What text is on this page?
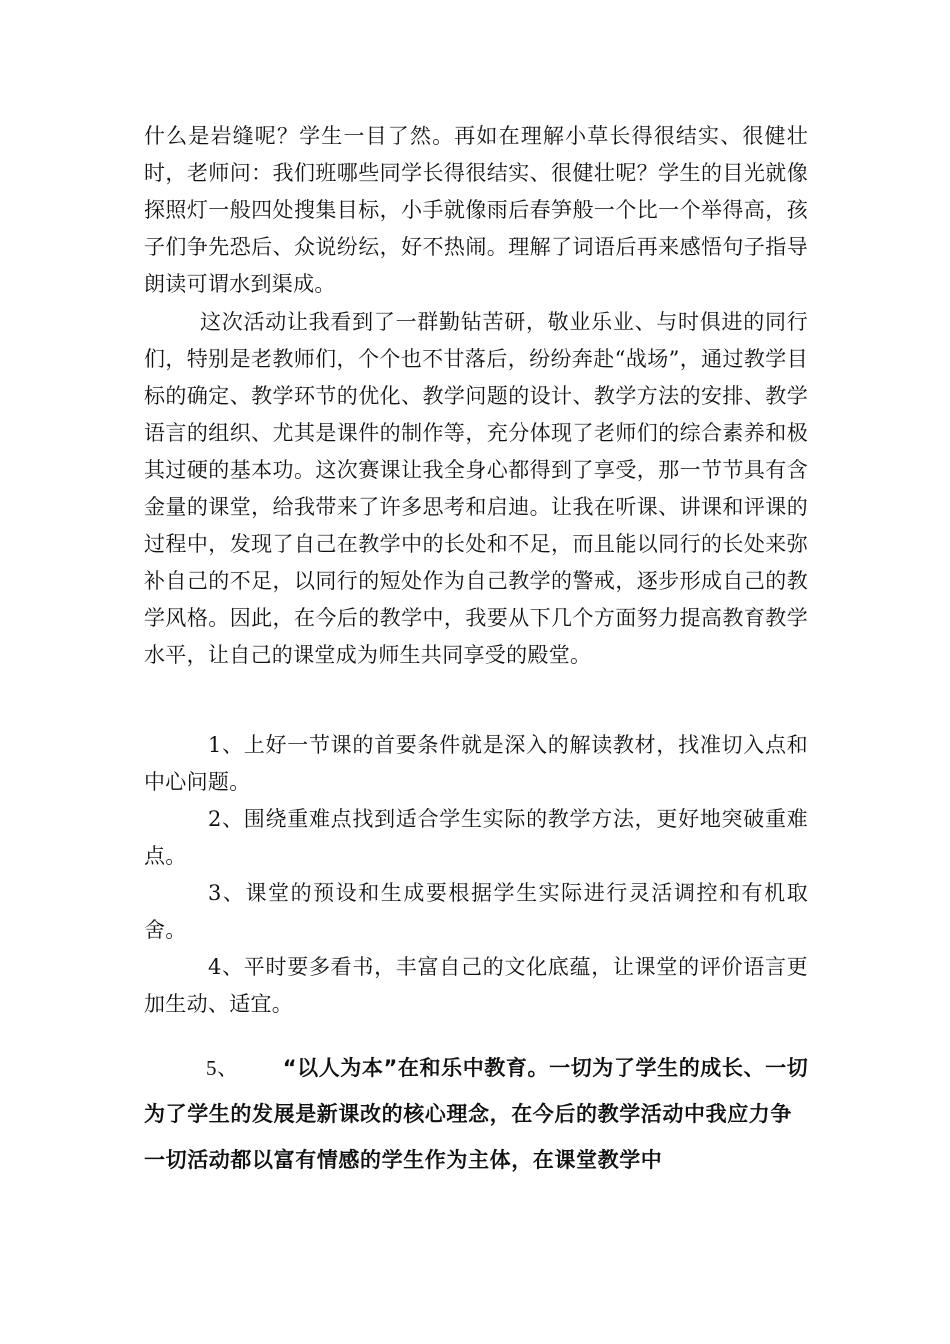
什么是岩缝呢？学生一目了然。再如在理解小草长得很结实、很健壮时，老师问：我们班哪些同学长得很结实、很健壮呢？学生的目光就像探照灯一般四处搜集目标，小手就像雨后春笋般一个比一个举得高，孩子们争先恐后、众说纷纭，好不热闹。理解了词语后再来感悟句子指导朗读可谓水到渠成。

这次活动让我看到了一群勤钻苦研，敬业乐业、与时俱进的同行们，特别是老教师们，个个也不甘落后，纷纷奔赴“战场”，通过教学目标的确定、教学环节的优化、教学问题的设计、教学方法的安排、教学语言的组织、尤其是课件的制作等，充分体现了老师们的综合素养和极其过硬的基本功。这次赛课让我全身心都得到了享受，那一节节具有含金量的课堂，给我带来了许多思考和启迪。让我在听课、讲课和评课的过程中，发现了自己在教学中的长处和不足，而且能以同行的长处来弥补自己的不足，以同行的短处作为自己教学的警戒，逐步形成自己的教学风格。因此，在今后的教学中，我要从下几个方面努力提高教育教学水平，让自己的课堂成为师生共同享受的殿堂。

1、上好一节课的首要条件就是深入的解读教材，找准切入点和中心问题。

2、围绕重难点找到适合学生实际的教学方法，更好地突破重难点。

3、课堂的预设和生成要根据学生实际进行灵活调控和有机取舍。

4、平时要多看书，丰富自己的文化底蕴，让课堂的评价语言更加生动、适宜。

5、 “以人为本”在和乐中教育。一切为了学生的成长、一切为了学生的发展是新课改的核心理念，在今后的教学活动中我应力争一切活动都以富有情感的学生作为主体，在课堂教学中
